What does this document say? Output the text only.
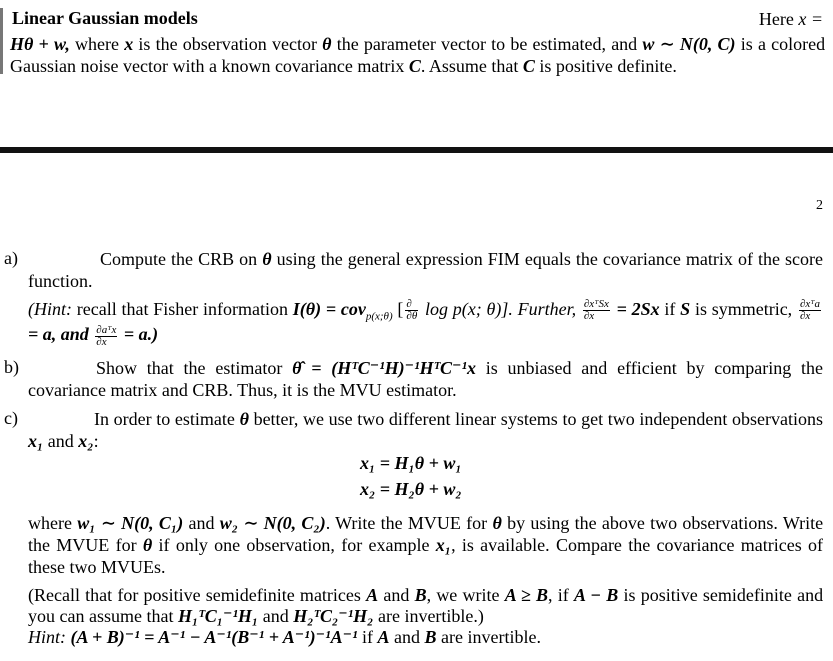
Linear Gaussian models	Here x =
Hθ + w, where x is the observation vector θ the parameter vector to be estimated, and w ∼ N(0, C) is a colored Gaussian noise vector with a known covariance matrix C. Assume that C is positive definite.
2
a)	Compute the CRB on θ using the general expression FIM equals the covariance matrix of the score function.
(Hint: recall that Fisher information I(θ) = cov$_{p(x;\theta)}$ [ $\frac{\partial}{\partial\theta}$ log p(x; θ)]. Further, $\frac{\text{∂xᵀSx}}{\partial x} = 2Sx$ if S is symmetric, $\frac{\text{∂xᵀa}}{\partial x}$
= a, and $\frac{\text{∂aᵀx}}{\partial x} = a$.)
b)	Show that the estimator θ̂ = (HᵀC⁻¹H)⁻¹HᵀC⁻¹x is unbiased and efficient by comparing the covariance matrix and CRB. Thus, it is the MVU estimator.
c)	In order to estimate θ better, we use two different linear systems to get two independent observations x₁ and x₂:
x₁ = H₁θ + w₁
x₂ = H₂θ + w₂
where w₁ ∼ N(0, C₁) and w₂ ∼ N(0, C₂). Write the MVUE for θ by using the above two observations. Write the MVUE for θ if only one observation, for example x₁, is available. Compare the covariance matrices of these two MVUEs.
(Recall that for positive semidefinite matrices A and B, we write A ≥ B, if A − B is positive semidefinite and you can assume that H₁ᵀC₁⁻¹H₁ and H₂ᵀC₂⁻¹H₂ are invertible.)
Hint: (A + B)⁻¹ = A⁻¹ − A⁻¹(B⁻¹ + A⁻¹)⁻¹A⁻¹ if A and B are invertible.
